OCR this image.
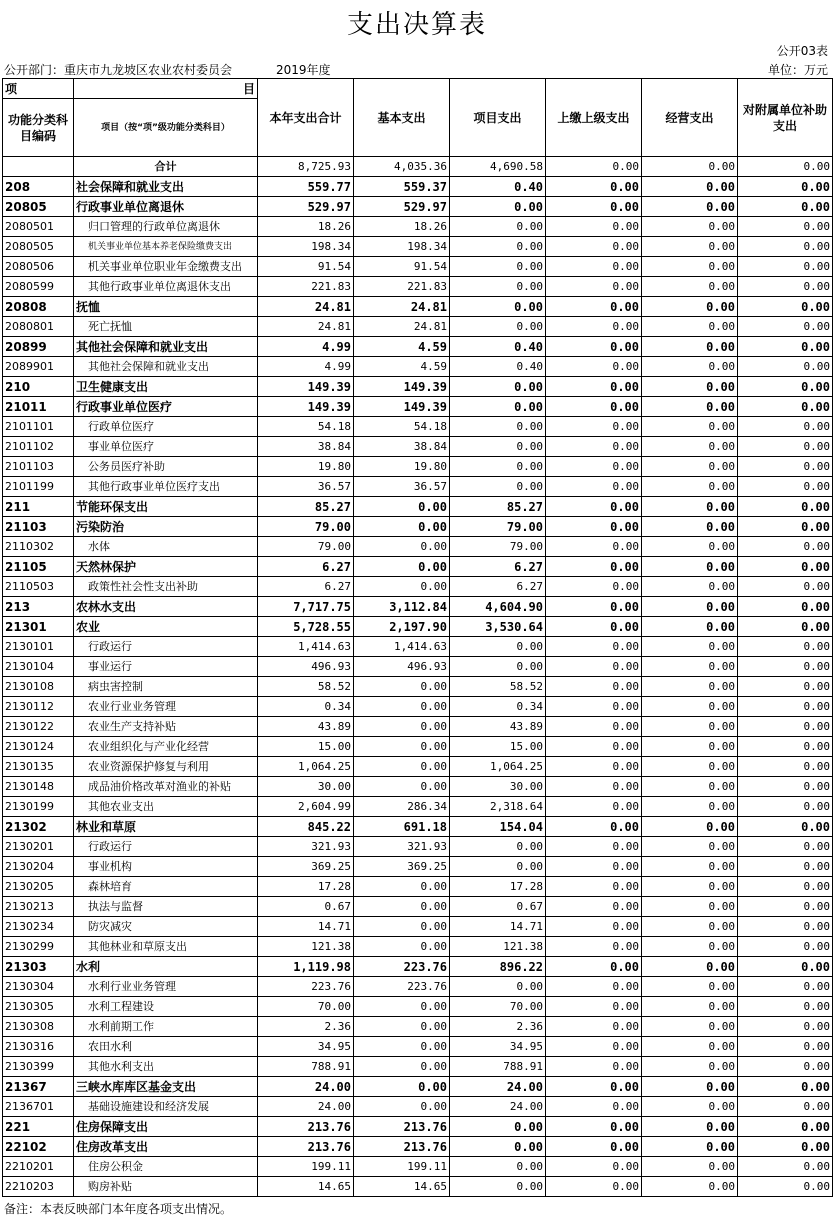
支出决算表
公开03表
公开部门：重庆市九龙坡区农业农村委员会	2019年度	单位：万元
项	目	本年支出合计	基本支出	项目支出	上缴上级支出	经营支出	对附属单位补助支出
功能分类科目编码	项目（按“项”级功能分类科目）						
	合计	8,725.93	4,035.36	4,690.58	0.00	0.00	0.00
208	社会保障和就业支出	559.77	559.37	0.40	0.00	0.00	0.00
20805	行政事业单位离退休	529.97	529.97	0.00	0.00	0.00	0.00
2080501	归口管理的行政单位离退休	18.26	18.26	0.00	0.00	0.00	0.00
2080505	机关事业单位基本养老保险缴费支出	198.34	198.34	0.00	0.00	0.00	0.00
2080506	机关事业单位职业年金缴费支出	91.54	91.54	0.00	0.00	0.00	0.00
2080599	其他行政事业单位离退休支出	221.83	221.83	0.00	0.00	0.00	0.00
20808	抚恤	24.81	24.81	0.00	0.00	0.00	0.00
2080801	死亡抚恤	24.81	24.81	0.00	0.00	0.00	0.00
20899	其他社会保障和就业支出	4.99	4.59	0.40	0.00	0.00	0.00
2089901	其他社会保障和就业支出	4.99	4.59	0.40	0.00	0.00	0.00
210	卫生健康支出	149.39	149.39	0.00	0.00	0.00	0.00
21011	行政事业单位医疗	149.39	149.39	0.00	0.00	0.00	0.00
2101101	行政单位医疗	54.18	54.18	0.00	0.00	0.00	0.00
2101102	事业单位医疗	38.84	38.84	0.00	0.00	0.00	0.00
2101103	公务员医疗补助	19.80	19.80	0.00	0.00	0.00	0.00
2101199	其他行政事业单位医疗支出	36.57	36.57	0.00	0.00	0.00	0.00
211	节能环保支出	85.27	0.00	85.27	0.00	0.00	0.00
21103	污染防治	79.00	0.00	79.00	0.00	0.00	0.00
2110302	水体	79.00	0.00	79.00	0.00	0.00	0.00
21105	天然林保护	6.27	0.00	6.27	0.00	0.00	0.00
2110503	政策性社会性支出补助	6.27	0.00	6.27	0.00	0.00	0.00
213	农林水支出	7,717.75	3,112.84	4,604.90	0.00	0.00	0.00
21301	农业	5,728.55	2,197.90	3,530.64	0.00	0.00	0.00
2130101	行政运行	1,414.63	1,414.63	0.00	0.00	0.00	0.00
2130104	事业运行	496.93	496.93	0.00	0.00	0.00	0.00
2130108	病虫害控制	58.52	0.00	58.52	0.00	0.00	0.00
2130112	农业行业业务管理	0.34	0.00	0.34	0.00	0.00	0.00
2130122	农业生产支持补贴	43.89	0.00	43.89	0.00	0.00	0.00
2130124	农业组织化与产业化经营	15.00	0.00	15.00	0.00	0.00	0.00
2130135	农业资源保护修复与利用	1,064.25	0.00	1,064.25	0.00	0.00	0.00
2130148	成品油价格改革对渔业的补贴	30.00	0.00	30.00	0.00	0.00	0.00
2130199	其他农业支出	2,604.99	286.34	2,318.64	0.00	0.00	0.00
21302	林业和草原	845.22	691.18	154.04	0.00	0.00	0.00
2130201	行政运行	321.93	321.93	0.00	0.00	0.00	0.00
2130204	事业机构	369.25	369.25	0.00	0.00	0.00	0.00
2130205	森林培育	17.28	0.00	17.28	0.00	0.00	0.00
2130213	执法与监督	0.67	0.00	0.67	0.00	0.00	0.00
2130234	防灾减灾	14.71	0.00	14.71	0.00	0.00	0.00
2130299	其他林业和草原支出	121.38	0.00	121.38	0.00	0.00	0.00
21303	水利	1,119.98	223.76	896.22	0.00	0.00	0.00
2130304	水利行业业务管理	223.76	223.76	0.00	0.00	0.00	0.00
2130305	水利工程建设	70.00	0.00	70.00	0.00	0.00	0.00
2130308	水利前期工作	2.36	0.00	2.36	0.00	0.00	0.00
2130316	农田水利	34.95	0.00	34.95	0.00	0.00	0.00
2130399	其他水利支出	788.91	0.00	788.91	0.00	0.00	0.00
21367	三峡水库库区基金支出	24.00	0.00	24.00	0.00	0.00	0.00
2136701	基础设施建设和经济发展	24.00	0.00	24.00	0.00	0.00	0.00
221	住房保障支出	213.76	213.76	0.00	0.00	0.00	0.00
22102	住房改革支出	213.76	213.76	0.00	0.00	0.00	0.00
2210201	住房公积金	199.11	199.11	0.00	0.00	0.00	0.00
2210203	购房补贴	14.65	14.65	0.00	0.00	0.00	0.00
备注：本表反映部门本年度各项支出情况。
